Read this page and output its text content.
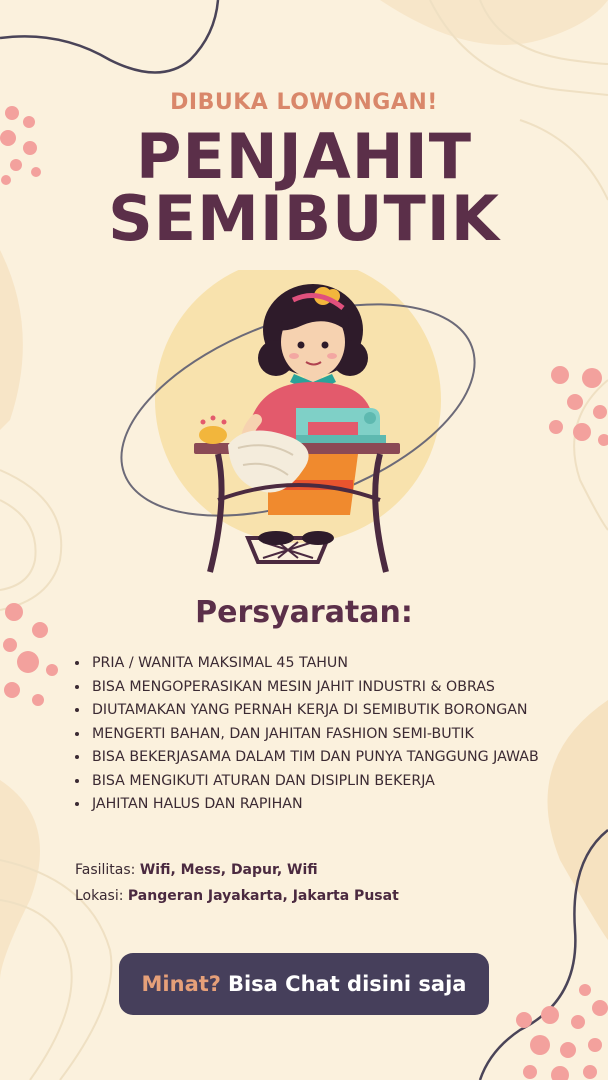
DIBUKA LOWONGAN!
PENJAHIT
SEMIBUTIK
Persyaratan:
• PRIA / WANITA MAKSIMAL 45 TAHUN
• BISA MENGOPERASIKAN MESIN JAHIT INDUSTRI & OBRAS
• DIUTAMAKAN YANG PERNAH KERJA DI SEMIBUTIK BORONGAN
• MENGERTI BAHAN, DAN JAHITAN FASHION SEMI-BUTIK
• BISA BEKERJASAMA DALAM TIM DAN PUNYA TANGGUNG JAWAB
• BISA MENGIKUTI ATURAN DAN DISIPLIN BEKERJA
• JAHITAN HALUS DAN RAPIHAN
Fasilitas: Wifi, Mess, Dapur, Wifi
Lokasi: Pangeran Jayakarta, Jakarta Pusat
Minat? Bisa Chat disini saja
